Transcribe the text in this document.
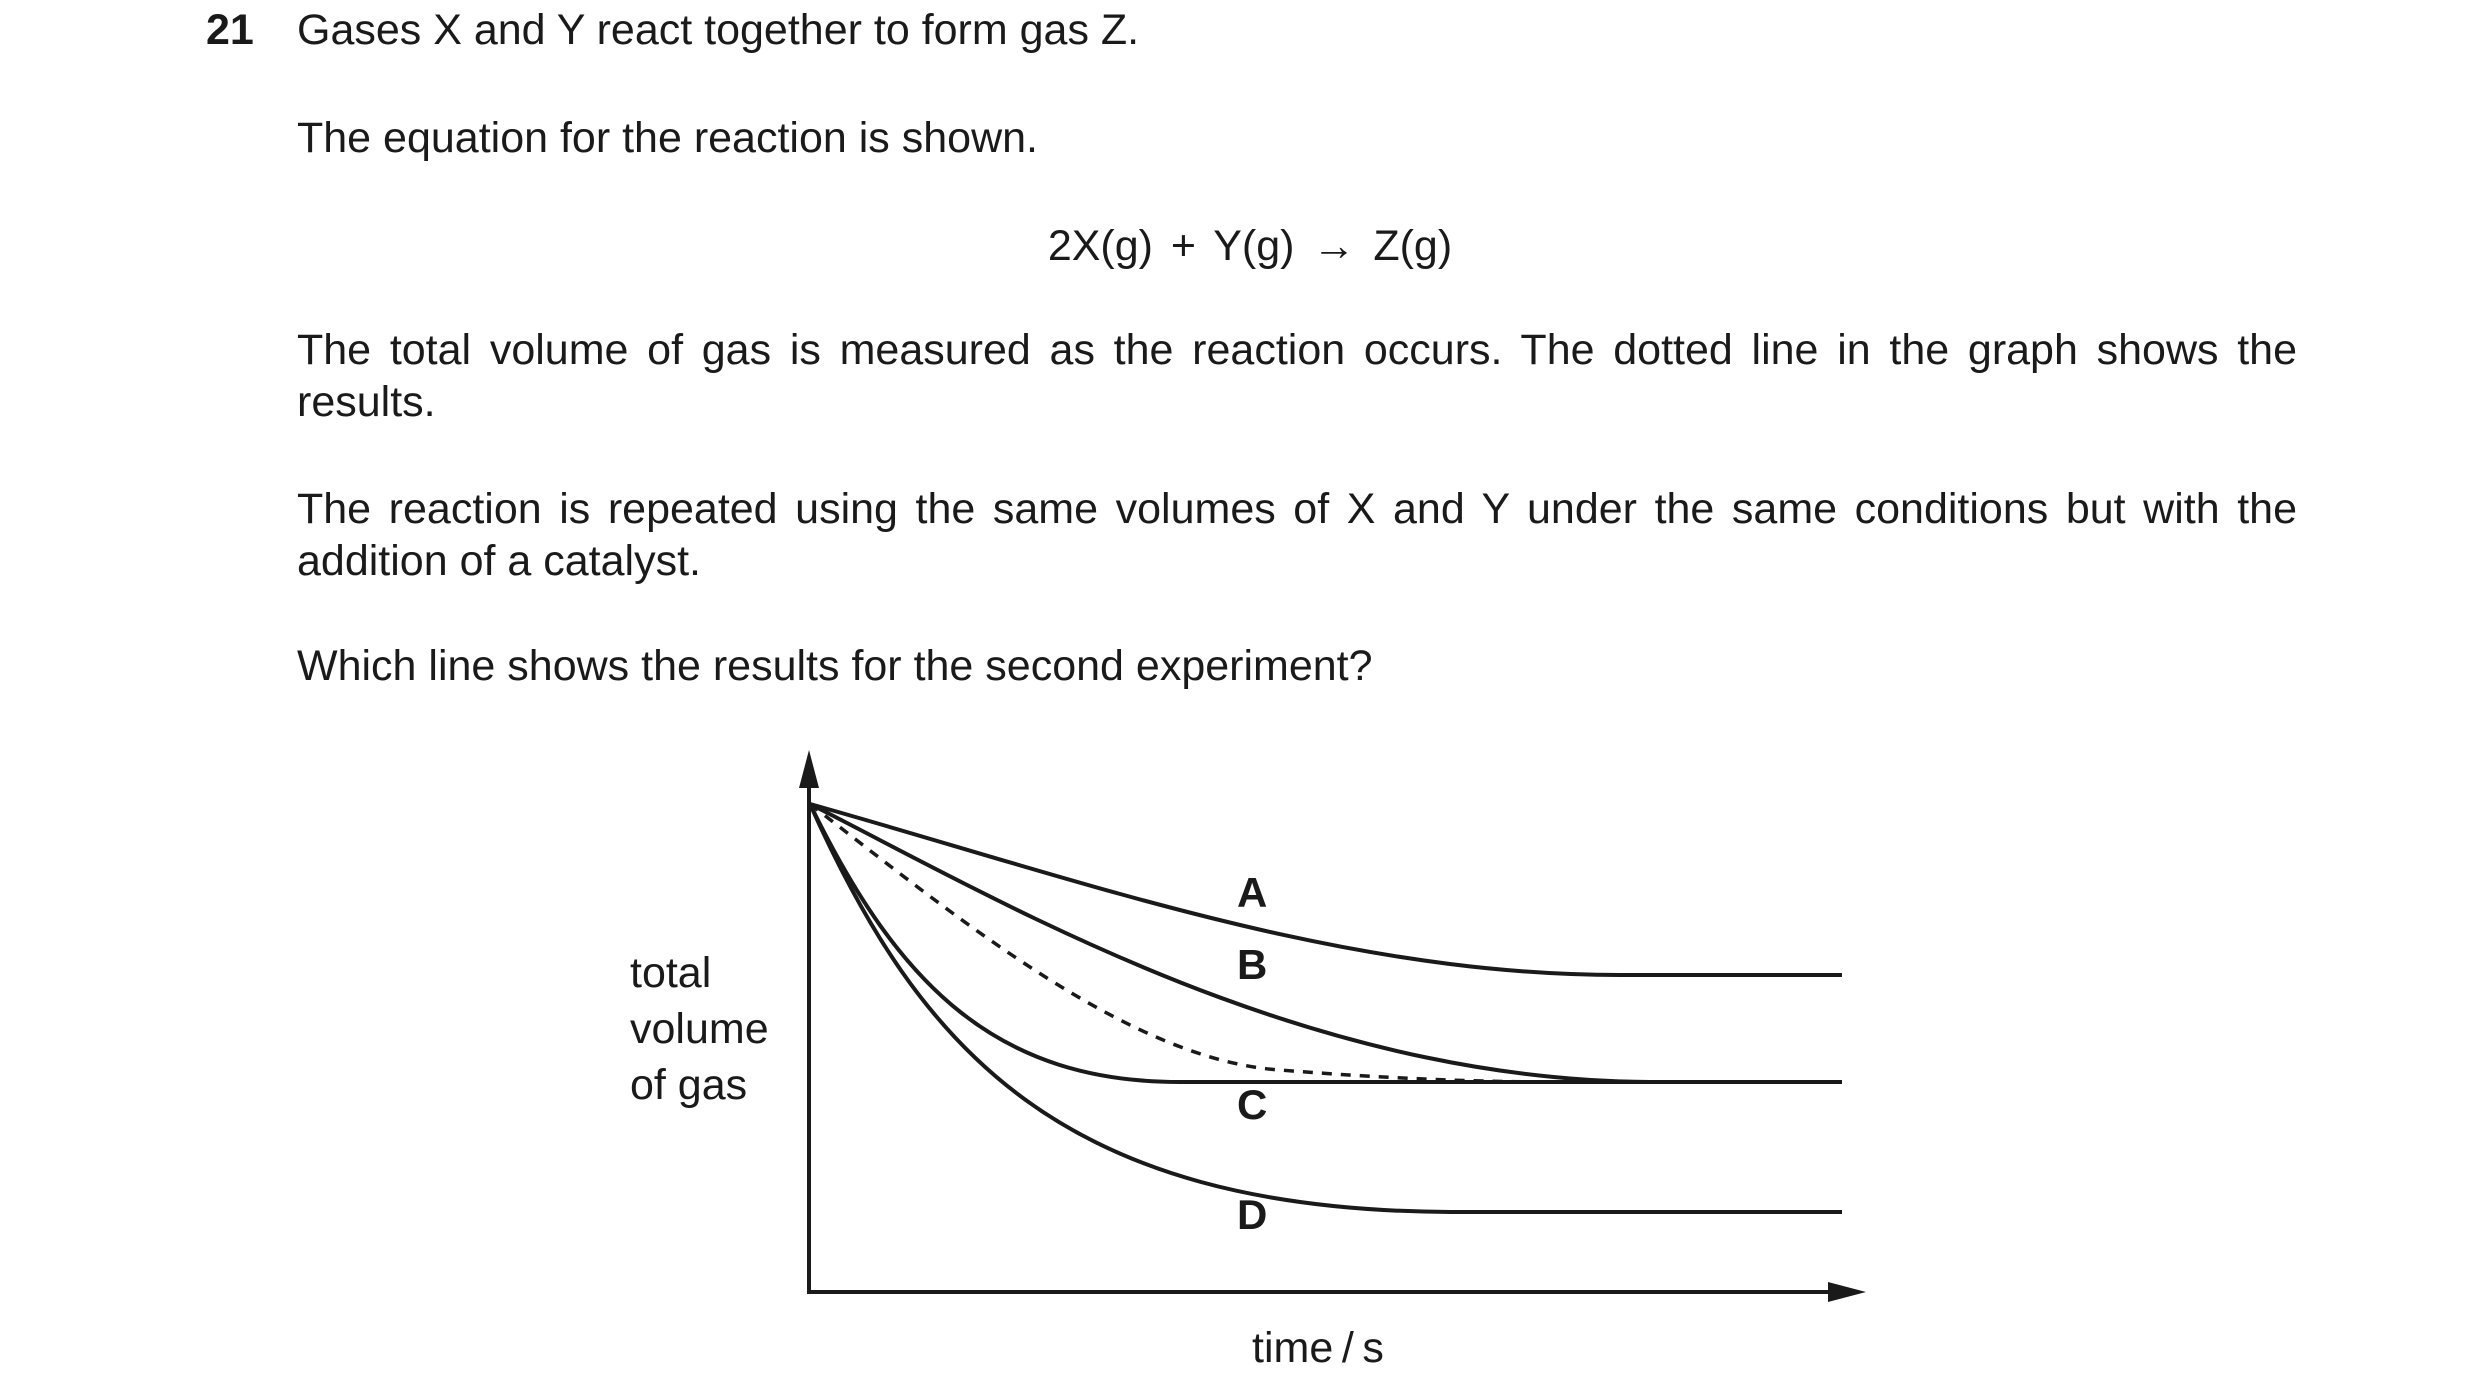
21 Gases X and Y react together to form gas Z.

The equation for the reaction is shown.

2X(g) + Y(g) → Z(g)

The total volume of gas is measured as the reaction occurs. The dotted line in the graph shows the results.

The reaction is repeated using the same volumes of X and Y under the same conditions but with the addition of a catalyst.

Which line shows the results for the second experiment?

total
volume
of gas
time / s
A
B
C
D
